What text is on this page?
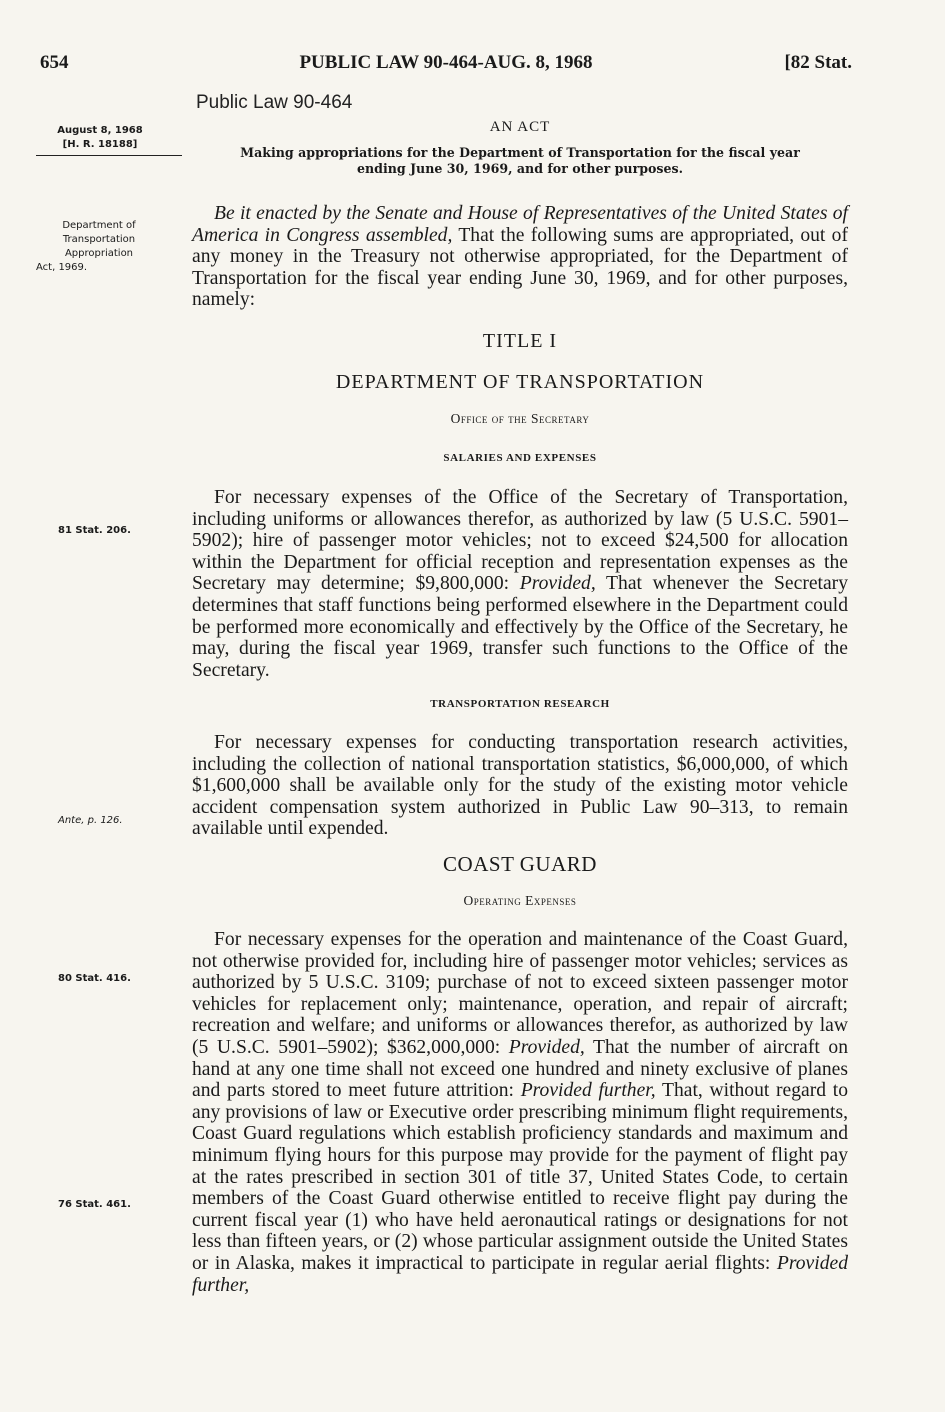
654	PUBLIC LAW 90-464-AUG. 8, 1968	[82 Stat.
August 8, 1968
[H. R. 18188]
Department of
Transportation
Appropriation
Act, 1969.
81 Stat. 206.
Ante, p. 126.
80 Stat. 416.
76 Stat. 461.
Public Law 90-464
AN ACT
Making appropriations for the Department of Transportation for the fiscal year
ending June 30, 1969, and for other purposes.

Be it enacted by the Senate and House of Representatives of the United States of America in Congress assembled, That the following sums are appropriated, out of any money in the Treasury not otherwise appropriated, for the Department of Transportation for the fiscal year ending June 30, 1969, and for other purposes, namely:

TITLE I
DEPARTMENT OF TRANSPORTATION
Office of the Secretary
SALARIES AND EXPENSES

For necessary expenses of the Office of the Secretary of Transportation, including uniforms or allowances therefor, as authorized by law (5 U.S.C. 5901–5902); hire of passenger motor vehicles; not to exceed $24,500 for allocation within the Department for official reception and representation expenses as the Secretary may determine; $9,800,000: Provided, That whenever the Secretary determines that staff functions being performed elsewhere in the Department could be performed more economically and effectively by the Office of the Secretary, he may, during the fiscal year 1969, transfer such functions to the Office of the Secretary.

TRANSPORTATION RESEARCH

For necessary expenses for conducting transportation research activities, including the collection of national transportation statistics, $6,000,000, of which $1,600,000 shall be available only for the study of the existing motor vehicle accident compensation system authorized in Public Law 90–313, to remain available until expended.

COAST GUARD
Operating Expenses

For necessary expenses for the operation and maintenance of the Coast Guard, not otherwise provided for, including hire of passenger motor vehicles; services as authorized by 5 U.S.C. 3109; purchase of not to exceed sixteen passenger motor vehicles for replacement only; maintenance, operation, and repair of aircraft; recreation and welfare; and uniforms or allowances therefor, as authorized by law (5 U.S.C. 5901–5902); $362,000,000: Provided, That the number of aircraft on hand at any one time shall not exceed one hundred and ninety exclusive of planes and parts stored to meet future attrition: Provided further, That, without regard to any provisions of law or Executive order prescribing minimum flight requirements, Coast Guard regulations which establish proficiency standards and maximum and minimum flying hours for this purpose may provide for the payment of flight pay at the rates prescribed in section 301 of title 37, United States Code, to certain members of the Coast Guard otherwise entitled to receive flight pay during the current fiscal year (1) who have held aeronautical ratings or designations for not less than fifteen years, or (2) whose particular assignment outside the United States or in Alaska, makes it impractical to participate in regular aerial flights: Provided further,
